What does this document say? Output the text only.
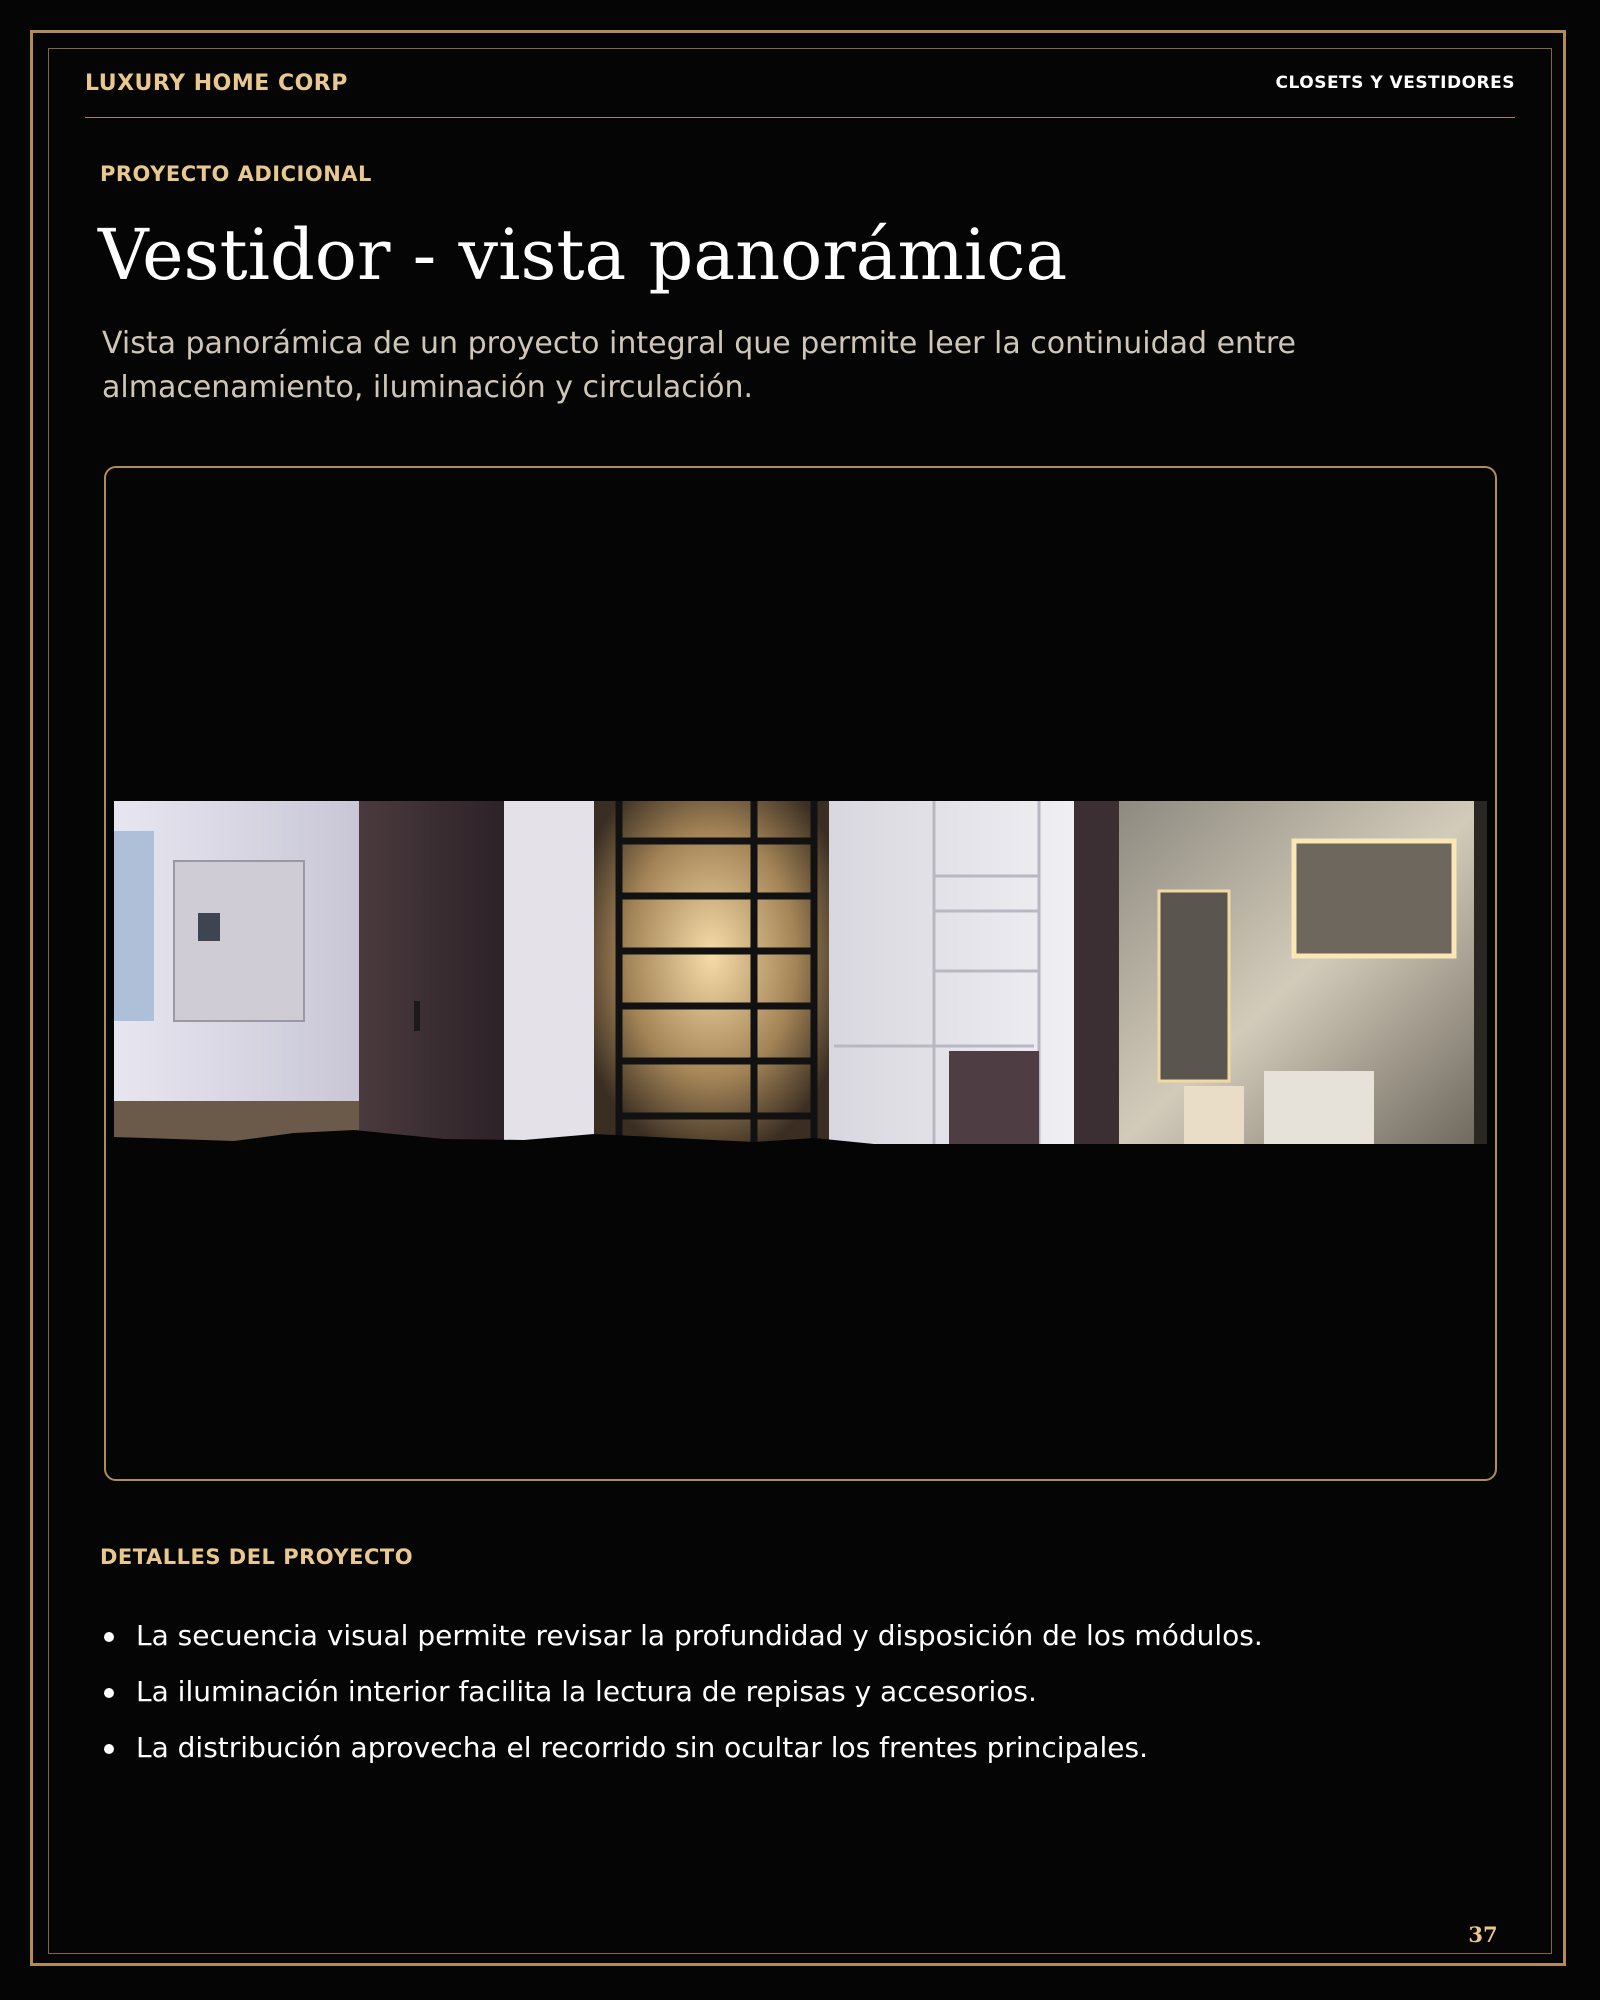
LUXURY HOME CORP	CLOSETS Y VESTIDORES
PROYECTO ADICIONAL
Vestidor - vista panorámica

Vista panorámica de un proyecto integral que permite leer la continuidad entre almacenamiento, iluminación y circulación.

DETALLES DEL PROYECTO
La secuencia visual permite revisar la profundidad y disposición de los módulos.
La iluminación interior facilita la lectura de repisas y accesorios.
La distribución aprovecha el recorrido sin ocultar los frentes principales.
37
